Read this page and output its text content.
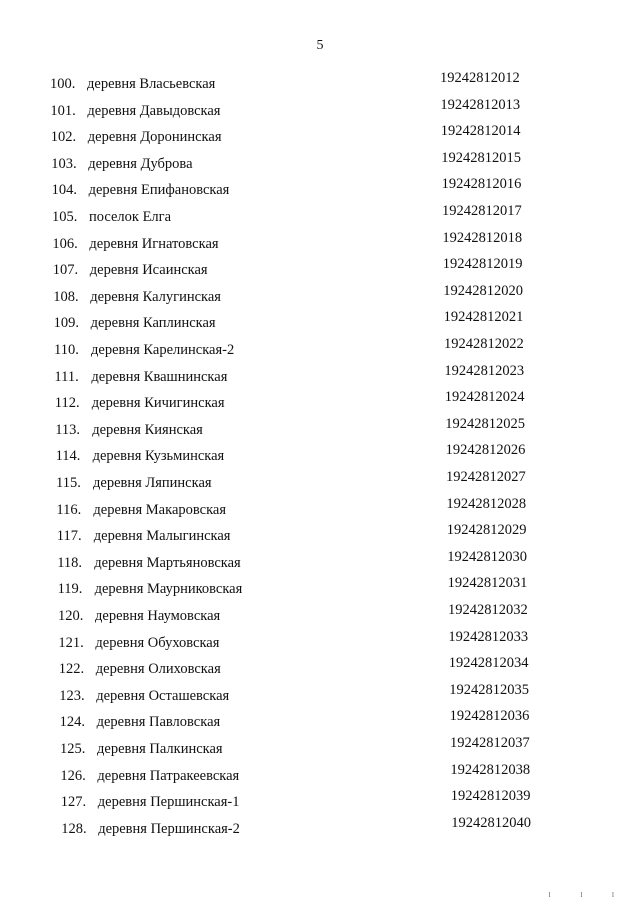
5
100. деревня Власьевская	19242812012
101. деревня Давыдовская	19242812013
102. деревня Доронинская	19242812014
103. деревня Дуброва	19242812015
104. деревня Епифановская	19242812016
105. поселок Елга	19242812017
106. деревня Игнатовская	19242812018
107. деревня Исаинская	19242812019
108. деревня Калугинская	19242812020
109. деревня Каплинская	19242812021
110. деревня Карелинская-2	19242812022
111. деревня Квашнинская	19242812023
112. деревня Кичигинская	19242812024
113. деревня Киянская	19242812025
114. деревня Кузьминская	19242812026
115. деревня Ляпинская	19242812027
116. деревня Макаровская	19242812028
117. деревня Малыгинская	19242812029
118. деревня Мартьяновская	19242812030
119. деревня Маурниковская	19242812031
120. деревня Наумовская	19242812032
121. деревня Обуховская	19242812033
122. деревня Олиховская	19242812034
123. деревня Осташевская	19242812035
124. деревня Павловская	19242812036
125. деревня Палкинская	19242812037
126. деревня Патракеевская	19242812038
127. деревня Першинская-1	19242812039
128. деревня Першинская-2	19242812040
l l l
